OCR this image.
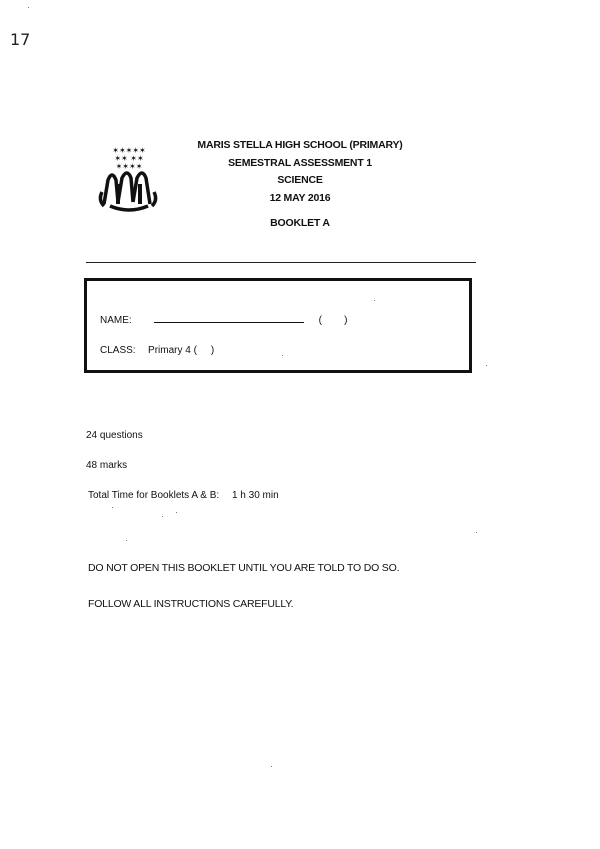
17
✶✶✶✶✶
✶✶ ✶✶
✶✶✶✶
MARIS STELLA HIGH SCHOOL (PRIMARY)
SEMESTRAL ASSESSMENT 1
SCIENCE
12 MAY 2016
BOOKLET A
NAME:	(        )
CLASS: Primary 4 (     )
24 questions
48 marks
Total Time for Booklets A & B: 1 h 30 min
DO NOT OPEN THIS BOOKLET UNTIL YOU ARE TOLD TO DO SO.
FOLLOW ALL INSTRUCTIONS CAREFULLY.
